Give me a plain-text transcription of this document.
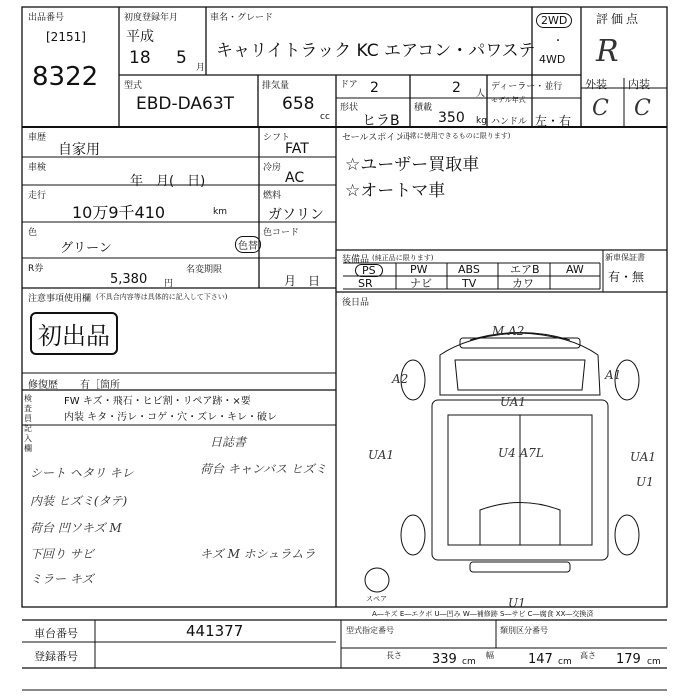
出品番号
[2151]
8322
初度登録年月
平成
18 5 月
車名・グレード
キャリイトラック KC エアコン・パワステ
2WD
・
4WD
評価点
R
型式
EBD-DA63T
排気量
658
cc
ドア 2	2 人
ディーラー・並行
モデル年式
形状
ヒラB
積載
350 kg ハンドル 左・右
外装 内装
C C
車歴
自家用
車検
年　月(　日)
走行
10万9千410	km
色
グリーン	色替
R券
5,380 円
名変期限
月　日
シフト
FAT
冷房
AC
燃料
ガソリン
色コード
注意事項使用欄 (不具合内容等は具体的に記入して下さい)
初出品
修復歴 有［箇所
検査員記入欄
FW キズ・飛石・ヒビ割・リペア跡・×要
内装 キタ・汚レ・コゲ・穴・ズレ・キレ・破レ
日誌書
荷台 キャンバス ヒズミ
シート ヘタリ キレ
内装 ヒズミ(タテ)
荷台 凹ソキズ M
下回り サビ
ミラー キズ
キズ M ホシュラムラ
セールスポイント
(正常に使用できるものに限ります)
☆ユーザー買取車
☆オートマ車
装備品 (純正品に限ります)	新車保証書
有・無
PS	PW	ABS	エアB AW
SR	ナビ	TV	カワ
後日品
M A2
A2	A1
UA1
UA1	UA1
U4 A7L
U1
U1
スペア
A―キズ E―エクボ U―凹み W―補修跡 S―サビ C―腐食 XX―交換済
車台番号	441377
登録番号
型式指定番号	類別区分番号
長さ 339 cm
幅	147 cm
高さ 179 cm
